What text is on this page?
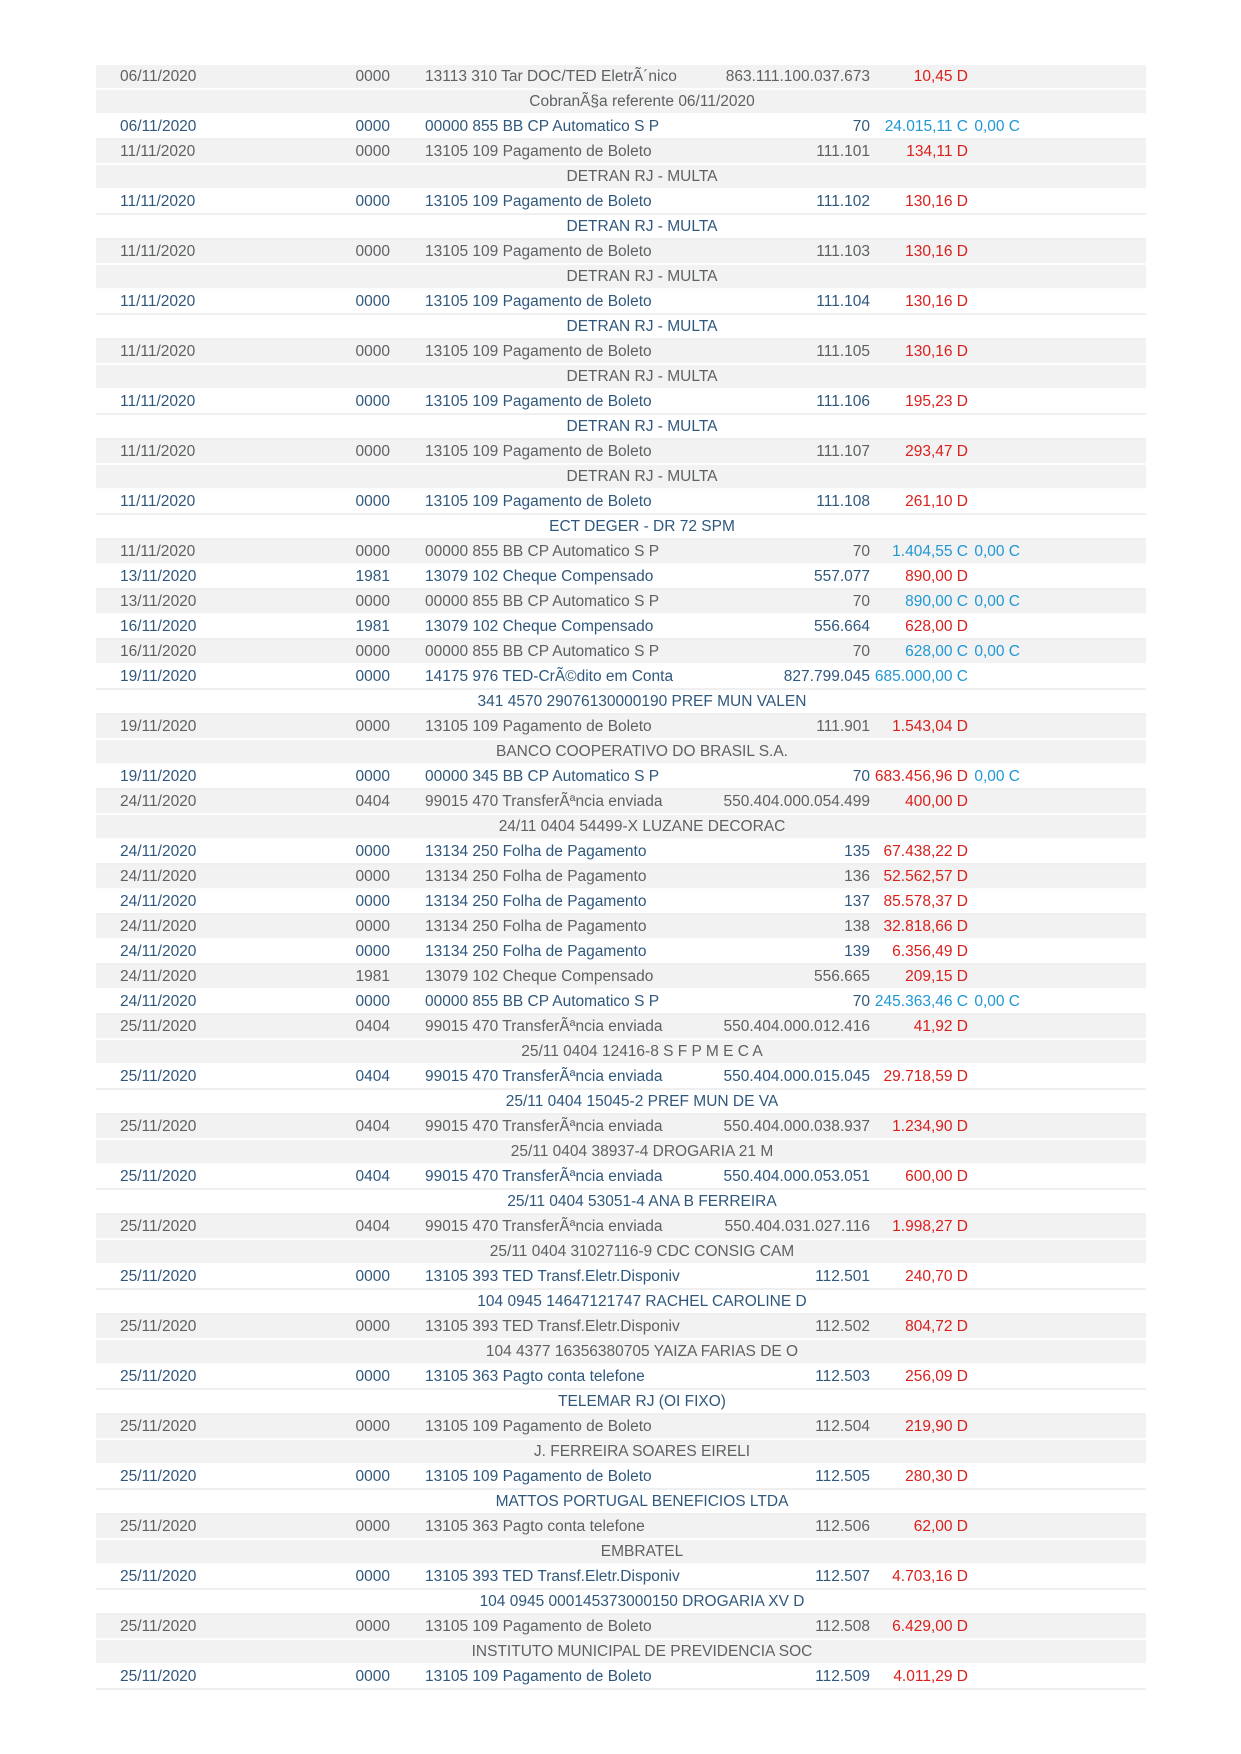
06/11/2020	0000	13113 310 Tar DOC/TED EletrÃ´nico	863.111.100.037.673	10,45 D
CobranÃ§a referente 06/11/2020
06/11/2020	0000	00000 855 BB CP Automatico S P	70 24.015,11 C 0,00 C
11/11/2020	0000	13105 109 Pagamento de Boleto	111.101	134,11 D
DETRAN RJ - MULTA
11/11/2020	0000	13105 109 Pagamento de Boleto	111.102	130,16 D
DETRAN RJ - MULTA
11/11/2020	0000	13105 109 Pagamento de Boleto	111.103	130,16 D
DETRAN RJ - MULTA
11/11/2020	0000	13105 109 Pagamento de Boleto	111.104	130,16 D
DETRAN RJ - MULTA
11/11/2020	0000	13105 109 Pagamento de Boleto	111.105	130,16 D
DETRAN RJ - MULTA
11/11/2020	0000	13105 109 Pagamento de Boleto	111.106	195,23 D
DETRAN RJ - MULTA
11/11/2020	0000	13105 109 Pagamento de Boleto	111.107	293,47 D
DETRAN RJ - MULTA
11/11/2020	0000	13105 109 Pagamento de Boleto	111.108	261,10 D
ECT DEGER - DR 72 SPM
11/11/2020	0000	00000 855 BB CP Automatico S P	70	1.404,55 C 0,00 C
13/11/2020	1981	13079 102 Cheque Compensado	557.077	890,00 D
13/11/2020	0000	00000 855 BB CP Automatico S P	70	890,00 C 0,00 C
16/11/2020	1981	13079 102 Cheque Compensado	556.664	628,00 D
16/11/2020	0000	00000 855 BB CP Automatico S P	70	628,00 C 0,00 C
19/11/2020	0000	14175 976 TED-CrÃ©dito em Conta	827.799.045 685.000,00 C
341 4570 29076130000190 PREF MUN VALEN
19/11/2020	0000	13105 109 Pagamento de Boleto	111.901	1.543,04 D
BANCO COOPERATIVO DO BRASIL S.A.
19/11/2020	0000	00000 345 BB CP Automatico S P	70 683.456,96 D 0,00 C
24/11/2020	0404	99015 470 TransferÃªncia enviada	550.404.000.054.499	400,00 D
24/11 0404 54499-X LUZANE DECORAC
24/11/2020	0000	13134 250 Folha de Pagamento	135 67.438,22 D
24/11/2020	0000	13134 250 Folha de Pagamento	136 52.562,57 D
24/11/2020	0000	13134 250 Folha de Pagamento	137 85.578,37 D
24/11/2020	0000	13134 250 Folha de Pagamento	138 32.818,66 D
24/11/2020	0000	13134 250 Folha de Pagamento	139	6.356,49 D
24/11/2020	1981	13079 102 Cheque Compensado	556.665	209,15 D
24/11/2020	0000	00000 855 BB CP Automatico S P	70 245.363,46 C 0,00 C
25/11/2020	0404	99015 470 TransferÃªncia enviada	550.404.000.012.416	41,92 D
25/11 0404 12416-8 S F P M E C A
25/11/2020	0404	99015 470 TransferÃªncia enviada	550.404.000.015.045 29.718,59 D
25/11 0404 15045-2 PREF MUN DE VA
25/11/2020	0404	99015 470 TransferÃªncia enviada	550.404.000.038.937	1.234,90 D
25/11 0404 38937-4 DROGARIA 21 M
25/11/2020	0404	99015 470 TransferÃªncia enviada	550.404.000.053.051	600,00 D
25/11 0404 53051-4 ANA B FERREIRA
25/11/2020	0404	99015 470 TransferÃªncia enviada	550.404.031.027.116	1.998,27 D
25/11 0404 31027116-9 CDC CONSIG CAM
25/11/2020	0000	13105 393 TED Transf.Eletr.Disponiv	112.501	240,70 D
104 0945 14647121747 RACHEL CAROLINE D
25/11/2020	0000	13105 393 TED Transf.Eletr.Disponiv	112.502	804,72 D
104 4377 16356380705 YAIZA FARIAS DE O
25/11/2020	0000	13105 363 Pagto conta telefone	112.503	256,09 D
TELEMAR RJ (OI FIXO)
25/11/2020	0000	13105 109 Pagamento de Boleto	112.504	219,90 D
J. FERREIRA SOARES EIRELI
25/11/2020	0000	13105 109 Pagamento de Boleto	112.505	280,30 D
MATTOS PORTUGAL BENEFICIOS LTDA
25/11/2020	0000	13105 363 Pagto conta telefone	112.506	62,00 D
EMBRATEL
25/11/2020	0000	13105 393 TED Transf.Eletr.Disponiv	112.507	4.703,16 D
104 0945 000145373000150 DROGARIA XV D
25/11/2020	0000	13105 109 Pagamento de Boleto	112.508	6.429,00 D
INSTITUTO MUNICIPAL DE PREVIDENCIA SOC
25/11/2020	0000	13105 109 Pagamento de Boleto	112.509	4.011,29 D
